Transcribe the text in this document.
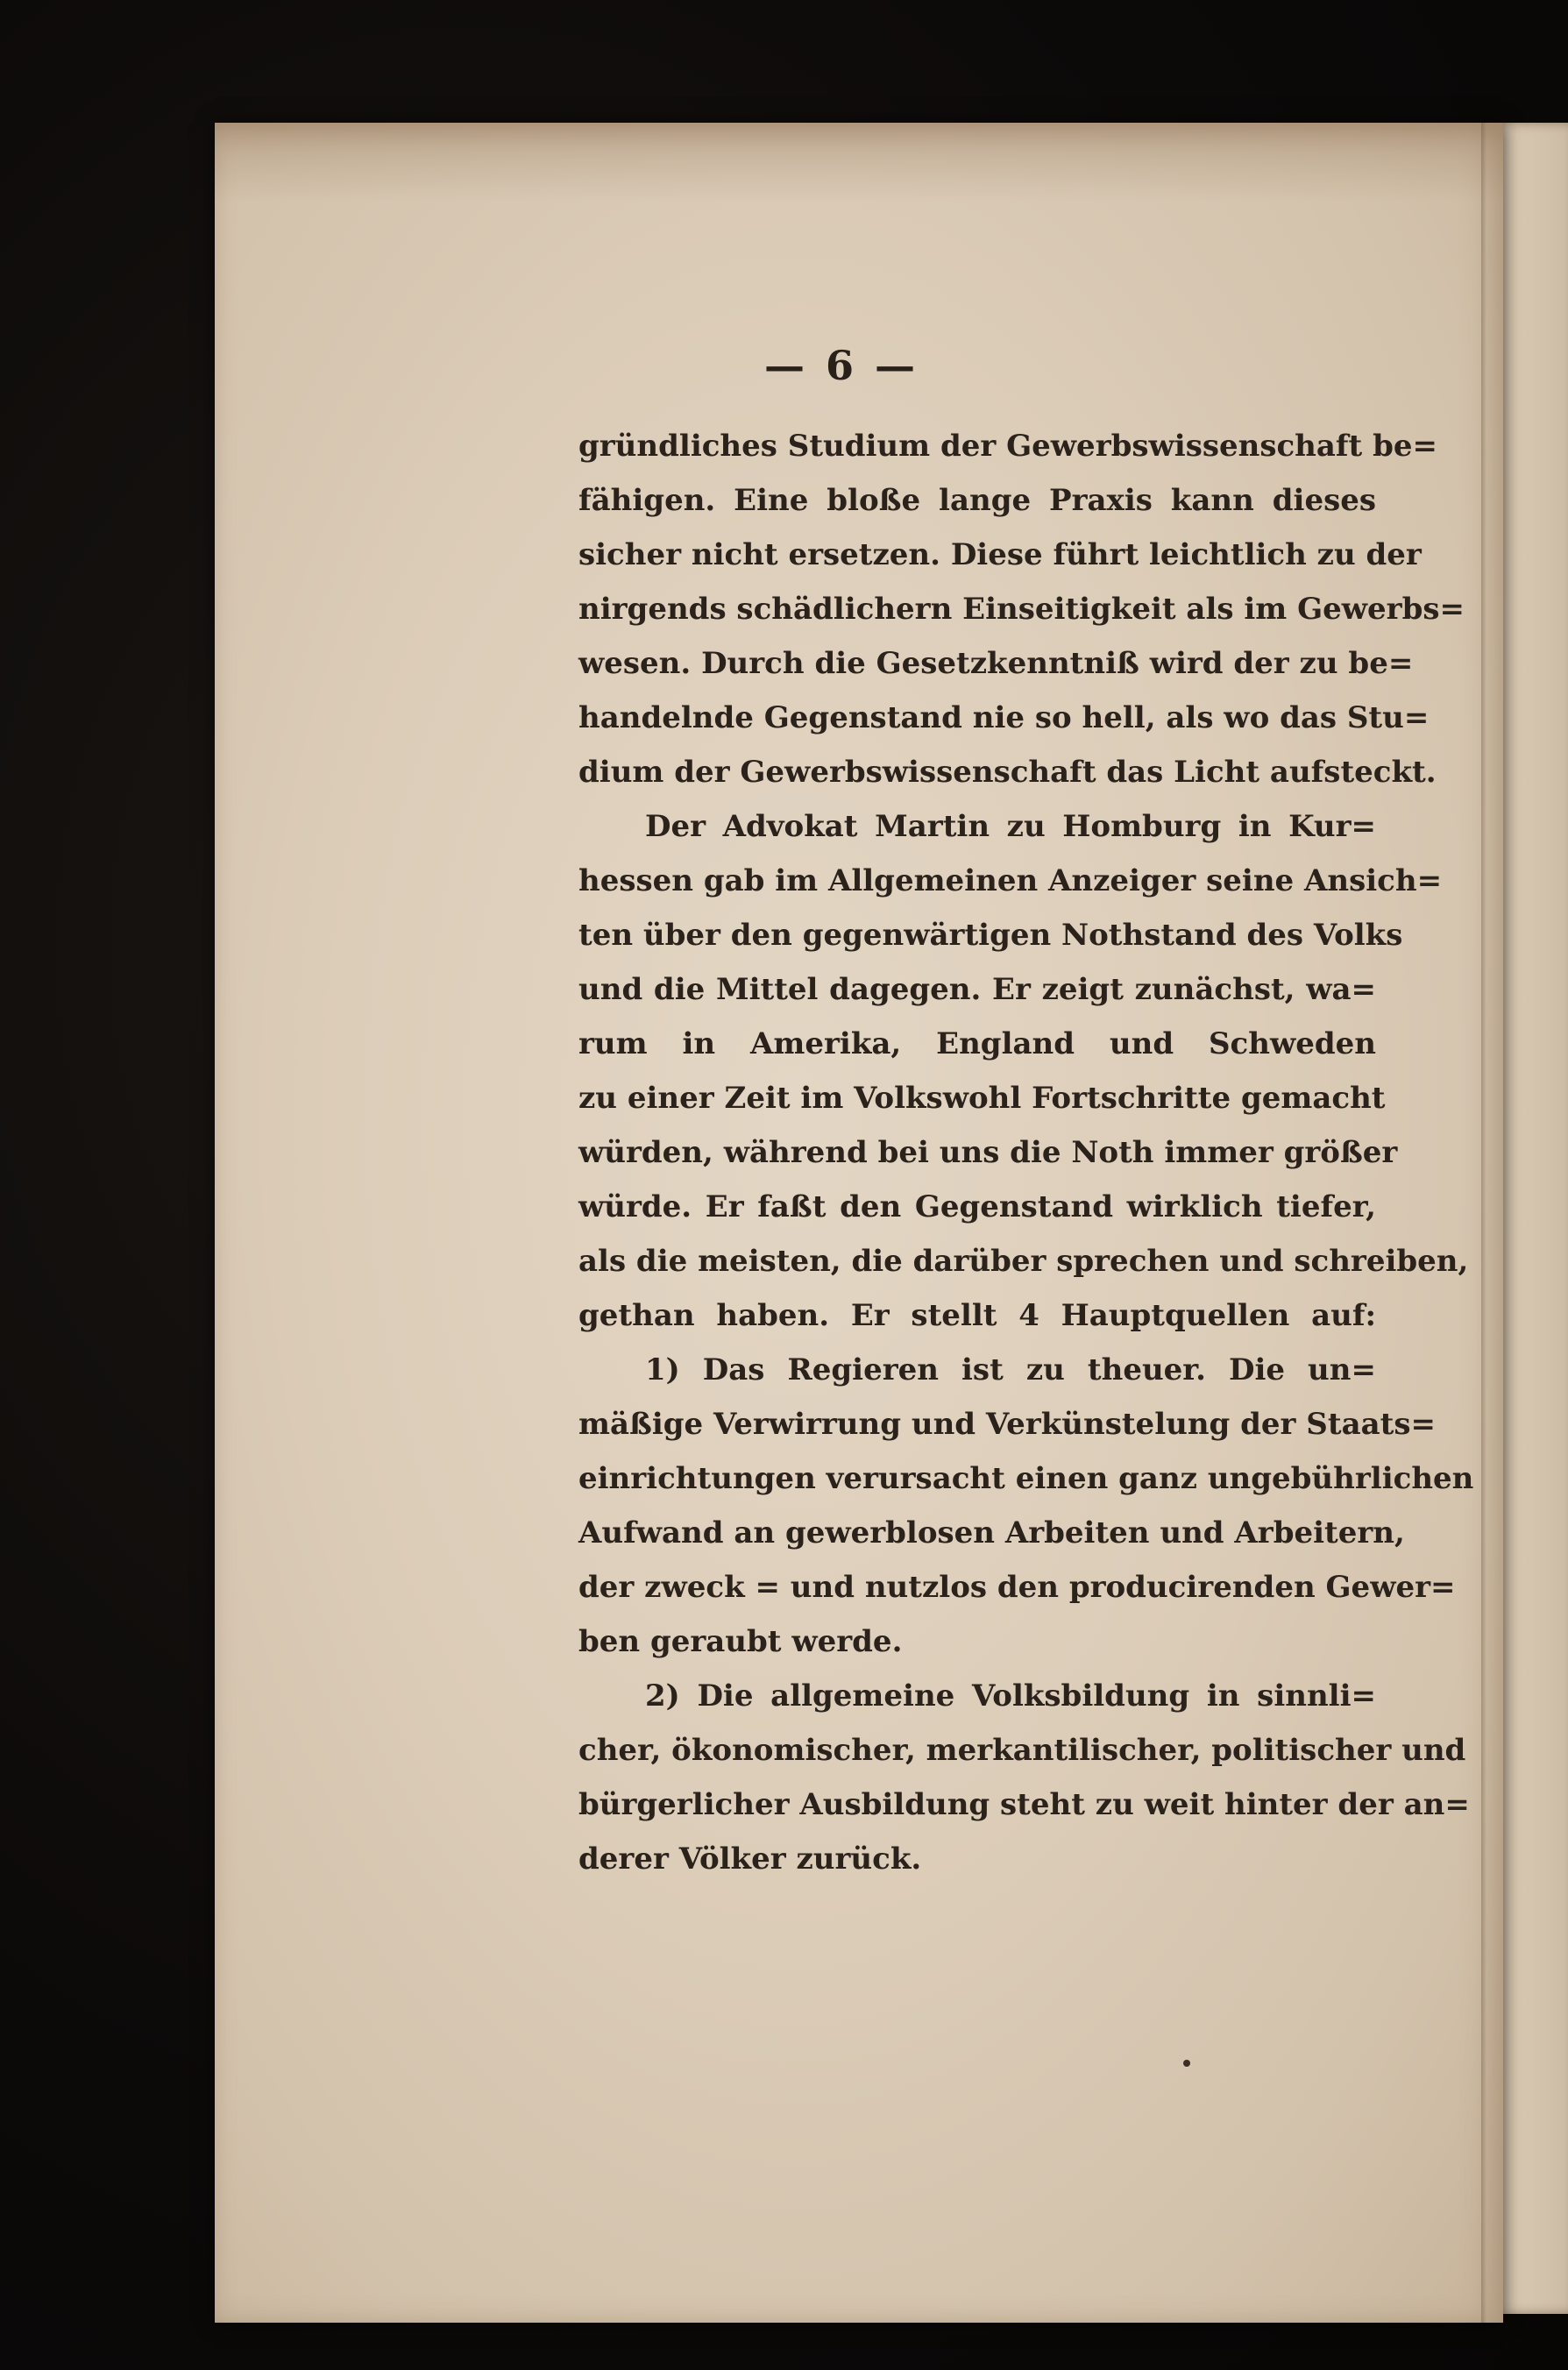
— 6 —
gründliches Studium der Gewerbswissenschaft be=
fähigen. Eine bloße lange Praxis kann dieses
sicher nicht ersetzen. Diese führt leichtlich zu der
nirgends schädlichern Einseitigkeit als im Gewerbs=
wesen. Durch die Gesetzkenntniß wird der zu be=
handelnde Gegenstand nie so hell, als wo das Stu=
dium der Gewerbswissenschaft das Licht aufsteckt.
Der Advokat Martin zu Homburg in Kur=
hessen gab im Allgemeinen Anzeiger seine Ansich=
ten über den gegenwärtigen Nothstand des Volks
und die Mittel dagegen. Er zeigt zunächst, wa=
rum in Amerika, England und Schweden
zu einer Zeit im Volkswohl Fortschritte gemacht
würden, während bei uns die Noth immer größer
würde. Er faßt den Gegenstand wirklich tiefer,
als die meisten, die darüber sprechen und schreiben,
gethan haben. Er stellt 4 Hauptquellen auf:
1) Das Regieren ist zu theuer. Die un=
mäßige Verwirrung und Verkünstelung der Staats=
einrichtungen verursacht einen ganz ungebührlichen
Aufwand an gewerblosen Arbeiten und Arbeitern,
der zweck = und nutzlos den producirenden Gewer=
ben geraubt werde.
2) Die allgemeine Volksbildung in sinnli=
cher, ökonomischer, merkantilischer, politischer und
bürgerlicher Ausbildung steht zu weit hinter der an=
derer Völker zurück.
